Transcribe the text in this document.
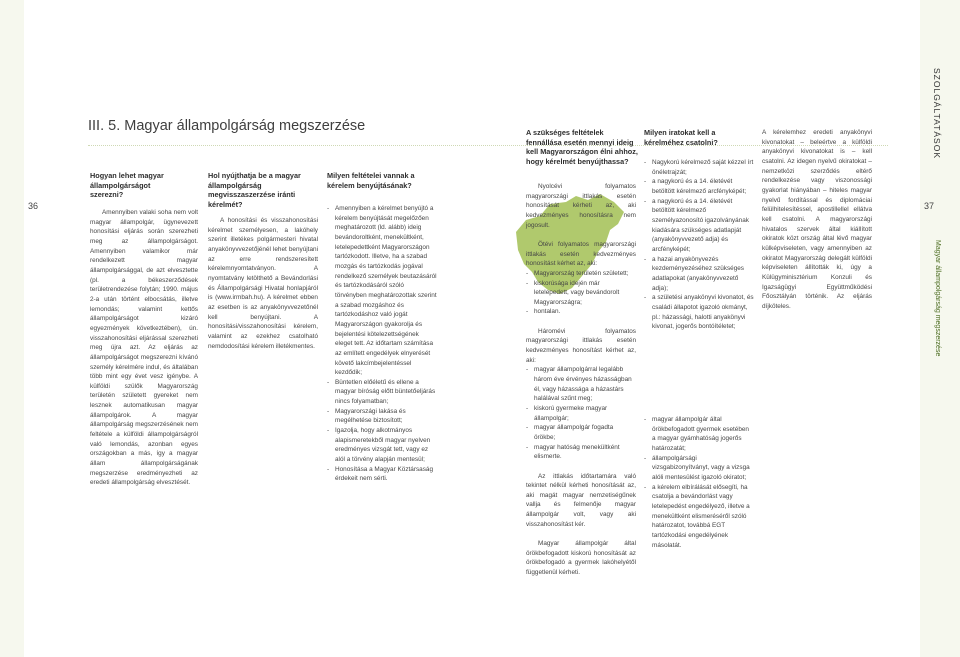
36	37
SZOLGÁLTATÁSOK
Magyar állampolgárság megszerzése
III. 5. Magyar állampolgárság megszerzése
Hogyan lehet magyar állampolgárságot szerezni?

Amennyiben valaki soha nem volt magyar állampolgár, ügynevezett honosítási eljárás során szerezheti meg az állampolgárságot. Amennyiben valamikor már rendelkezett magyar állampolgársággal, de azt elvesztette (pl. a békeszerződések területrendezése folytán; 1990. május 2-a után történt elbocsátás, illetve lemondás; valamint kettős állampolgárságot kizáró egyezmények következtében), ún. visszahonosítási eljárással szerezheti meg újra azt. Az eljárás az állampolgárságot megszerezni kívánó személy kérelmére indul, és általában több mint egy évet vesz igénybe. A külföldi szülők Magyarország területén született gyereket nem lesznek automatikusan magyar állampolgárok. A magyar állampolgárság megszerzésének nem feltétele a külföldi állampolgárságról való lemondás, azonban egyes országokban a más, így a magyar állam állampolgárságának megszerzése eredményezheti az eredeti állampolgárság elvesztését.

Hol nyújthatja be a magyar állampolgárság megvisszaszerzése iránti kérelmét?

A honosítási és visszahonosítási kérelmet személyesen, a lakóhely szerint illetékes polgármesteri hivatal anyakönyvvezetőjénél lehet benyújtani az erre rendszeresített kérelemnyomtatványon. A nyomtatvány letölthető a Bevándorlási és Állampolgársági Hivatal honlapjáról is (www.irmbah.hu). A kérelmet ebben az esetben is az anyakönyvvezetőnél kell benyújtani. A honosítási/visszahonosítási kérelem, valamint az ezekhez csatolható nemdodosítási kérelem illetékmentes.

Milyen feltételei vannak a kérelem benyújtásának?
- Amennyiben a kérelmet benyújtó a kérelem benyújtását megelőzően meghatározott (ld. alább) ideig bevándoroltként, menekültként, letelepedettként Magyarországon tartózkodott. Illetve, ha a szabad mozgás és tartózkodás jogával rendelkező személyek beutazásáról és tartózkodásáról szóló törvényben meghatározottak szerint a szabad mozgáshoz és tartózkodáshoz való jogát Magyarországon gyakorolja és bejelentési kötelezettségének eleget tett. Az időtartam számítása az említett engedélyek elnyerését követő lakcímbejelentéssel kezdődik;
- Büntetlen előéletű és ellene a magyar bíróság előtt büntetőeljárás nincs folyamatban;
- Magyarországi lakása és megélhetése biztosított;
- Igazolja, hogy alkotmányos alapismeretekből magyar nyelven eredményes vizsgát tett, vagy ez alól a törvény alapján mentesül;
- Honosítása a Magyar Köztársaság érdekeit nem sérti.
A szükséges feltételek fennállása esetén mennyi ideig kell Magyarországon élni ahhoz, hogy kérelmét benyújthassa?

Nyolcévi folyamatos magyarországi ittlakás esetén honosítását kérheti az, aki kedvezményes honosításra nem jogosult.

Ötévi folyamatos magyarországi ittlakás esetén kedvezményes honosítást kérhet az, aki:

- Magyarország területén született;
- kiskorúsága idején már letelepedett, vagy bevándorolt Magyarországra;
- hontalan.

Háromévi folyamatos magyarországi ittlakás esetén kedvezményes honosítást kérhet az, aki:

- magyar állampolgárral legalább három éve érvényes házasságban él, vagy házassága a házastárs halálával szűnt meg;
- kiskorú gyermeke magyar állampolgár;
- magyar állampolgár fogadta örökbe;
- magyar hatóság menekültként elismerte.

Az ittlakás időtartamára való tekintet nélkül kérheti honosítását az, aki magát magyar nemzetiségűnek vallja és felmenője magyar állampolgár volt, vagy aki visszahonosítást kér.

Magyar állampolgár által örökbefogadott kiskorú honosítását az örökbefogadó a gyermek lakóhelyétől függetlenül kérheti.

Milyen iratokat kell a kérelméhez csatolni?
- Nagykorú kérelmező saját kézzel írt önéletrajzát;
- a nagykorú és a 14. életévét betöltött kérelmező arcfényképét;
- a nagykorú és a 14. életévét betöltött kérelmező személyazonosító igazolványának kiadására szükséges adatlapját (anyakönyvvezető adja) és arcfényképét;
- a hazai anyakönyvezés kezdeményezéséhez szükséges adatlapokat (anyakönyvvezető adja);
- a születési anyakönyvi kivonatot, és családi állapotot igazoló okmányt, pl.: házassági, halotti anyakönyvi kivonat, jogerős bontóítéletet;
- magyar állampolgár által örökbefogadott gyermek esetében a magyar gyámhatóság jogerős határozatát;
- állampolgársági vizsgabizonyítványt, vagy a vizsga alóli mentesülést igazoló okiratot;
- a kérelem elbírálását elősegíti, ha csatolja a bevándorlást vagy letelepedést engedélyező, illetve a menekültként elismeréséről szóló határozatot, továbbá EGT tartózkodási engedélyének másolatát.

A kérelemhez eredeti anyakönyvi kivonatokat – beleértve a külföldi anyakönyvi kivonatokat is – kell csatolni. Az idegen nyelvű okiratokat – nemzetközi szerződés eltérő rendelkezése vagy viszonossági gyakorlat hiányában – hiteles magyar nyelvű fordítással és diplomáciai felülhitelesítéssel, apostillellel ellátva kell csatolni. A magyarországi hivatalos szervek által kiállított okiratok közt ország által lévő magyar külképviseleten, vagy amennyiben az okiratot Magyarország delegált külföldi képviseleten állították ki, úgy a Külügyminisztérium Konzuli és Igazságügyi Együttműködési Főosztályán történik. Az eljárás díjköteles.
